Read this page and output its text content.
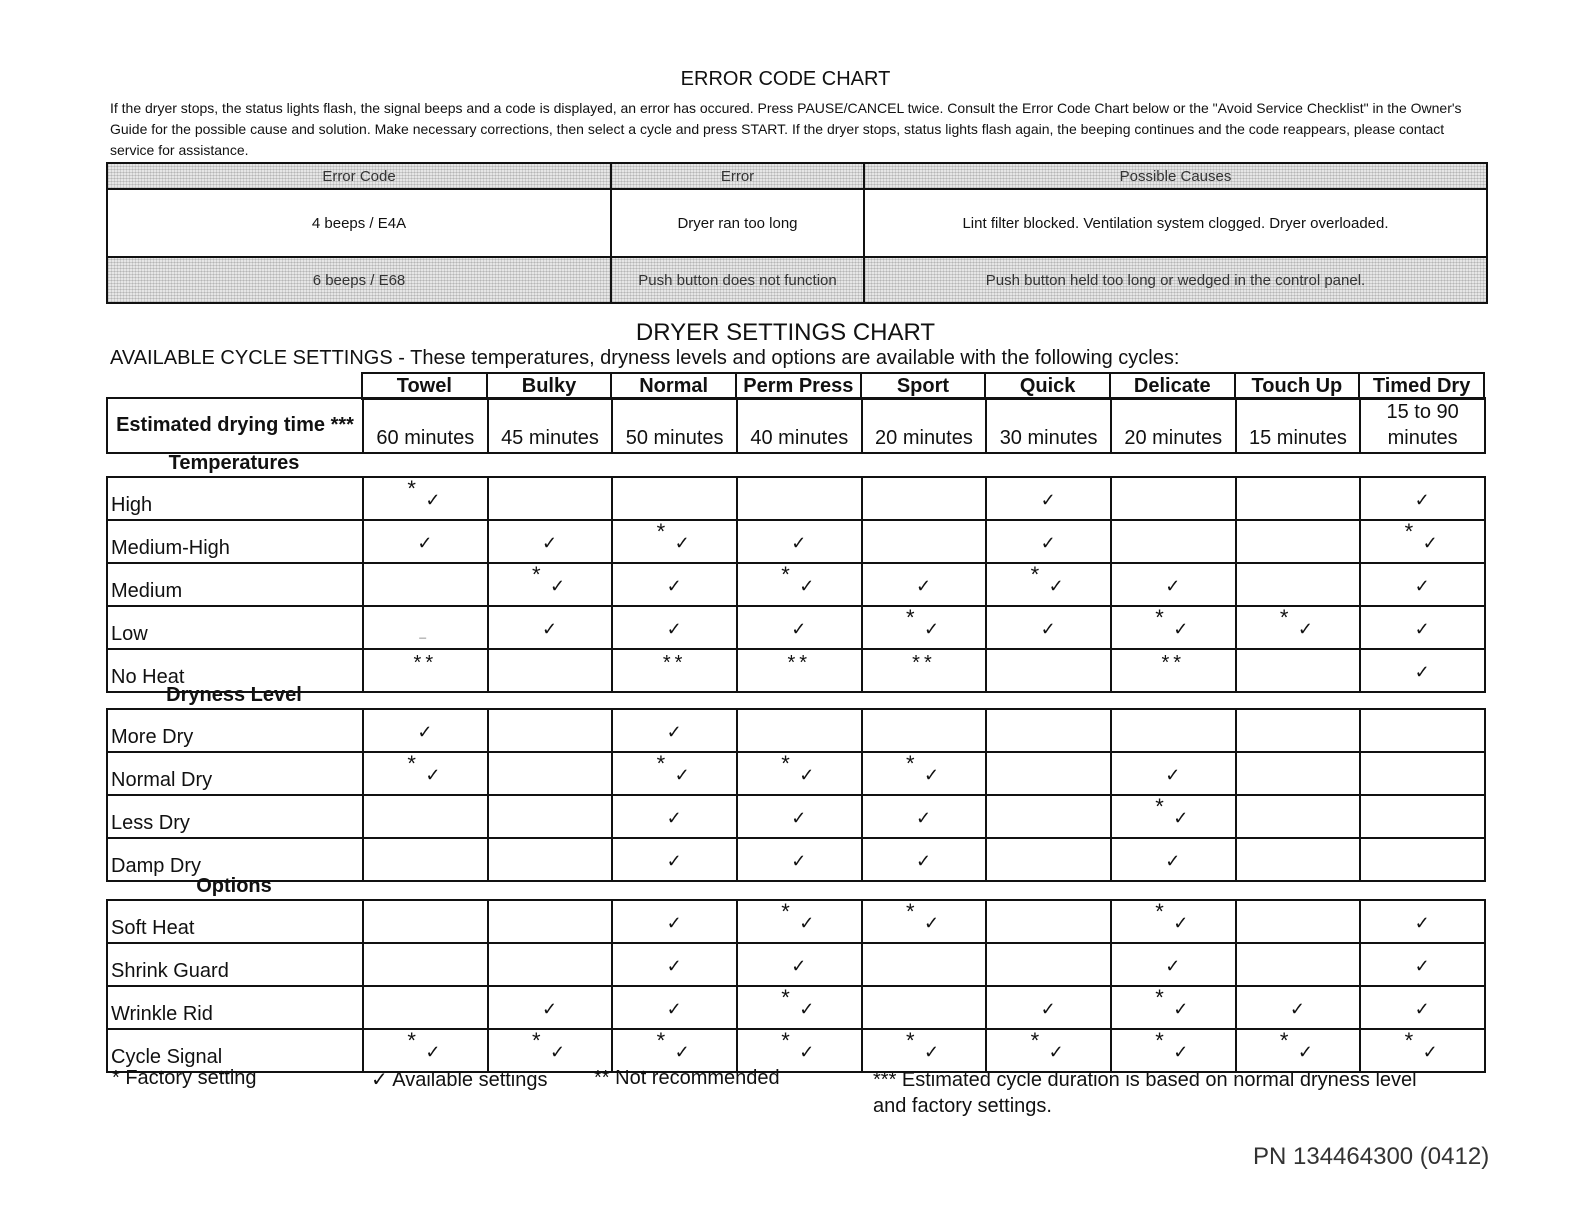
ERROR CODE CHART
If the dryer stops, the status lights flash, the signal beeps and a code is displayed, an error has occured. Press PAUSE/CANCEL twice. Consult the Error Code Chart below or the "Avoid Service Checklist" in the Owner's Guide for the possible cause and solution. Make necessary corrections, then select a cycle and press START. If the dryer stops, status lights flash again, the beeping continues and the code reappears, please contact service for assistance.
Error Code	Error	Possible Causes
4 beeps / E4A	Dryer ran too long	Lint filter blocked. Ventilation system clogged. Dryer overloaded.
6 beeps / E68	Push button does not function	Push button held too long or wedged in the control panel.
DRYER SETTINGS CHART
AVAILABLE CYCLE SETTINGS - These temperatures, dryness levels and options are available with the following cycles:
Towel	Bulky	Normal	Perm Press	Sport	Quick	Delicate	Touch Up	Timed Dry
Estimated drying time ***	60 minutes	45 minutes	50 minutes	40 minutes	20 minutes	30 minutes	20 minutes	15 minutes	15 to 90 minutes
Temperatures
High	* ✓					✓			✓

Medium-High	✓	✓	* ✓	✓		✓			* ✓

Medium		* ✓	✓	* ✓	✓	* ✓	✓		✓

Low	_	✓	✓	✓	* ✓	✓	* ✓	* ✓	✓

No Heat	**		**	**	**		**		✓
Dryness Level
More Dry	✓		✓						

Normal Dry	* ✓		* ✓	* ✓	* ✓		✓		

Less Dry			✓	✓	✓		* ✓		

Damp Dry			✓	✓	✓		✓		

Options
Soft Heat			✓	* ✓	* ✓		* ✓		✓

Shrink Guard			✓	✓			✓		✓

Wrinkle Rid		✓	✓	* ✓		✓	* ✓	✓	✓

Cycle Signal	* ✓	* ✓	* ✓	* ✓	* ✓	* ✓	* ✓	* ✓	* ✓
* Factory setting	✓ Available settings ** Not recommended	*** Estimated cycle duration is based on normal dryness level and factory settings.
PN 134464300 (0412)
